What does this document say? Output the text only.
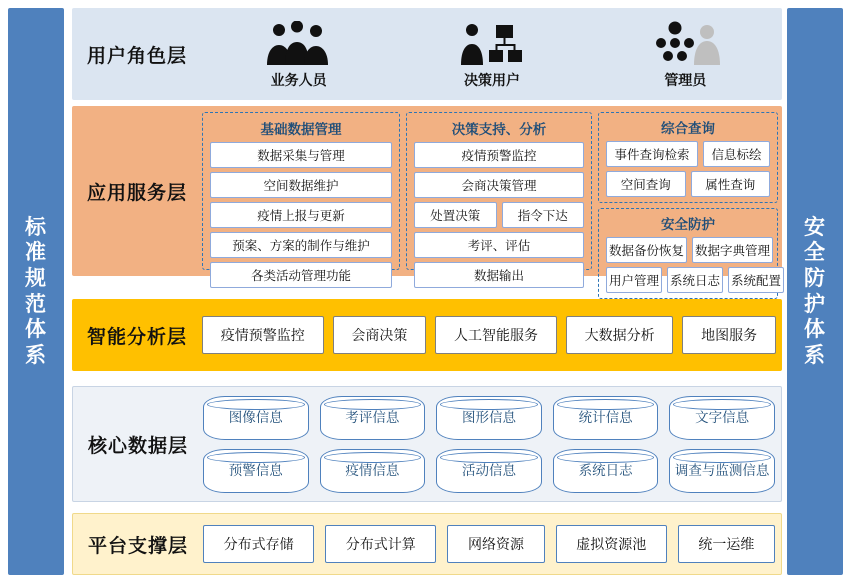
标准规范体系
安全防护体系
用户角色层
业务人员	决策用户	管理员
应用服务层
基础数据管理
数据采集与管理
空间数据维护
疫情上报与更新
预案、方案的制作与维护
各类活动管理功能
决策支持、分析
疫情预警监控
会商决策管理
处置决策	指令下达
考评、评估
数据输出
综合查询
事件查询检索	信息标绘
空间查询	属性查询
安全防护
数据备份恢复 数据字典管理
用户管理 系统日志 系统配置
智能分析层	疫情预警监控	会商决策	人工智能服务	大数据分析	地图服务
核心数据层
图像信息	考评信息	图形信息	统计信息	文字信息
预警信息	疫情信息	活动信息	系统日志	调查与监测信息
平台支撑层	分布式存储	分布式计算	网络资源	虚拟资源池	统一运维
